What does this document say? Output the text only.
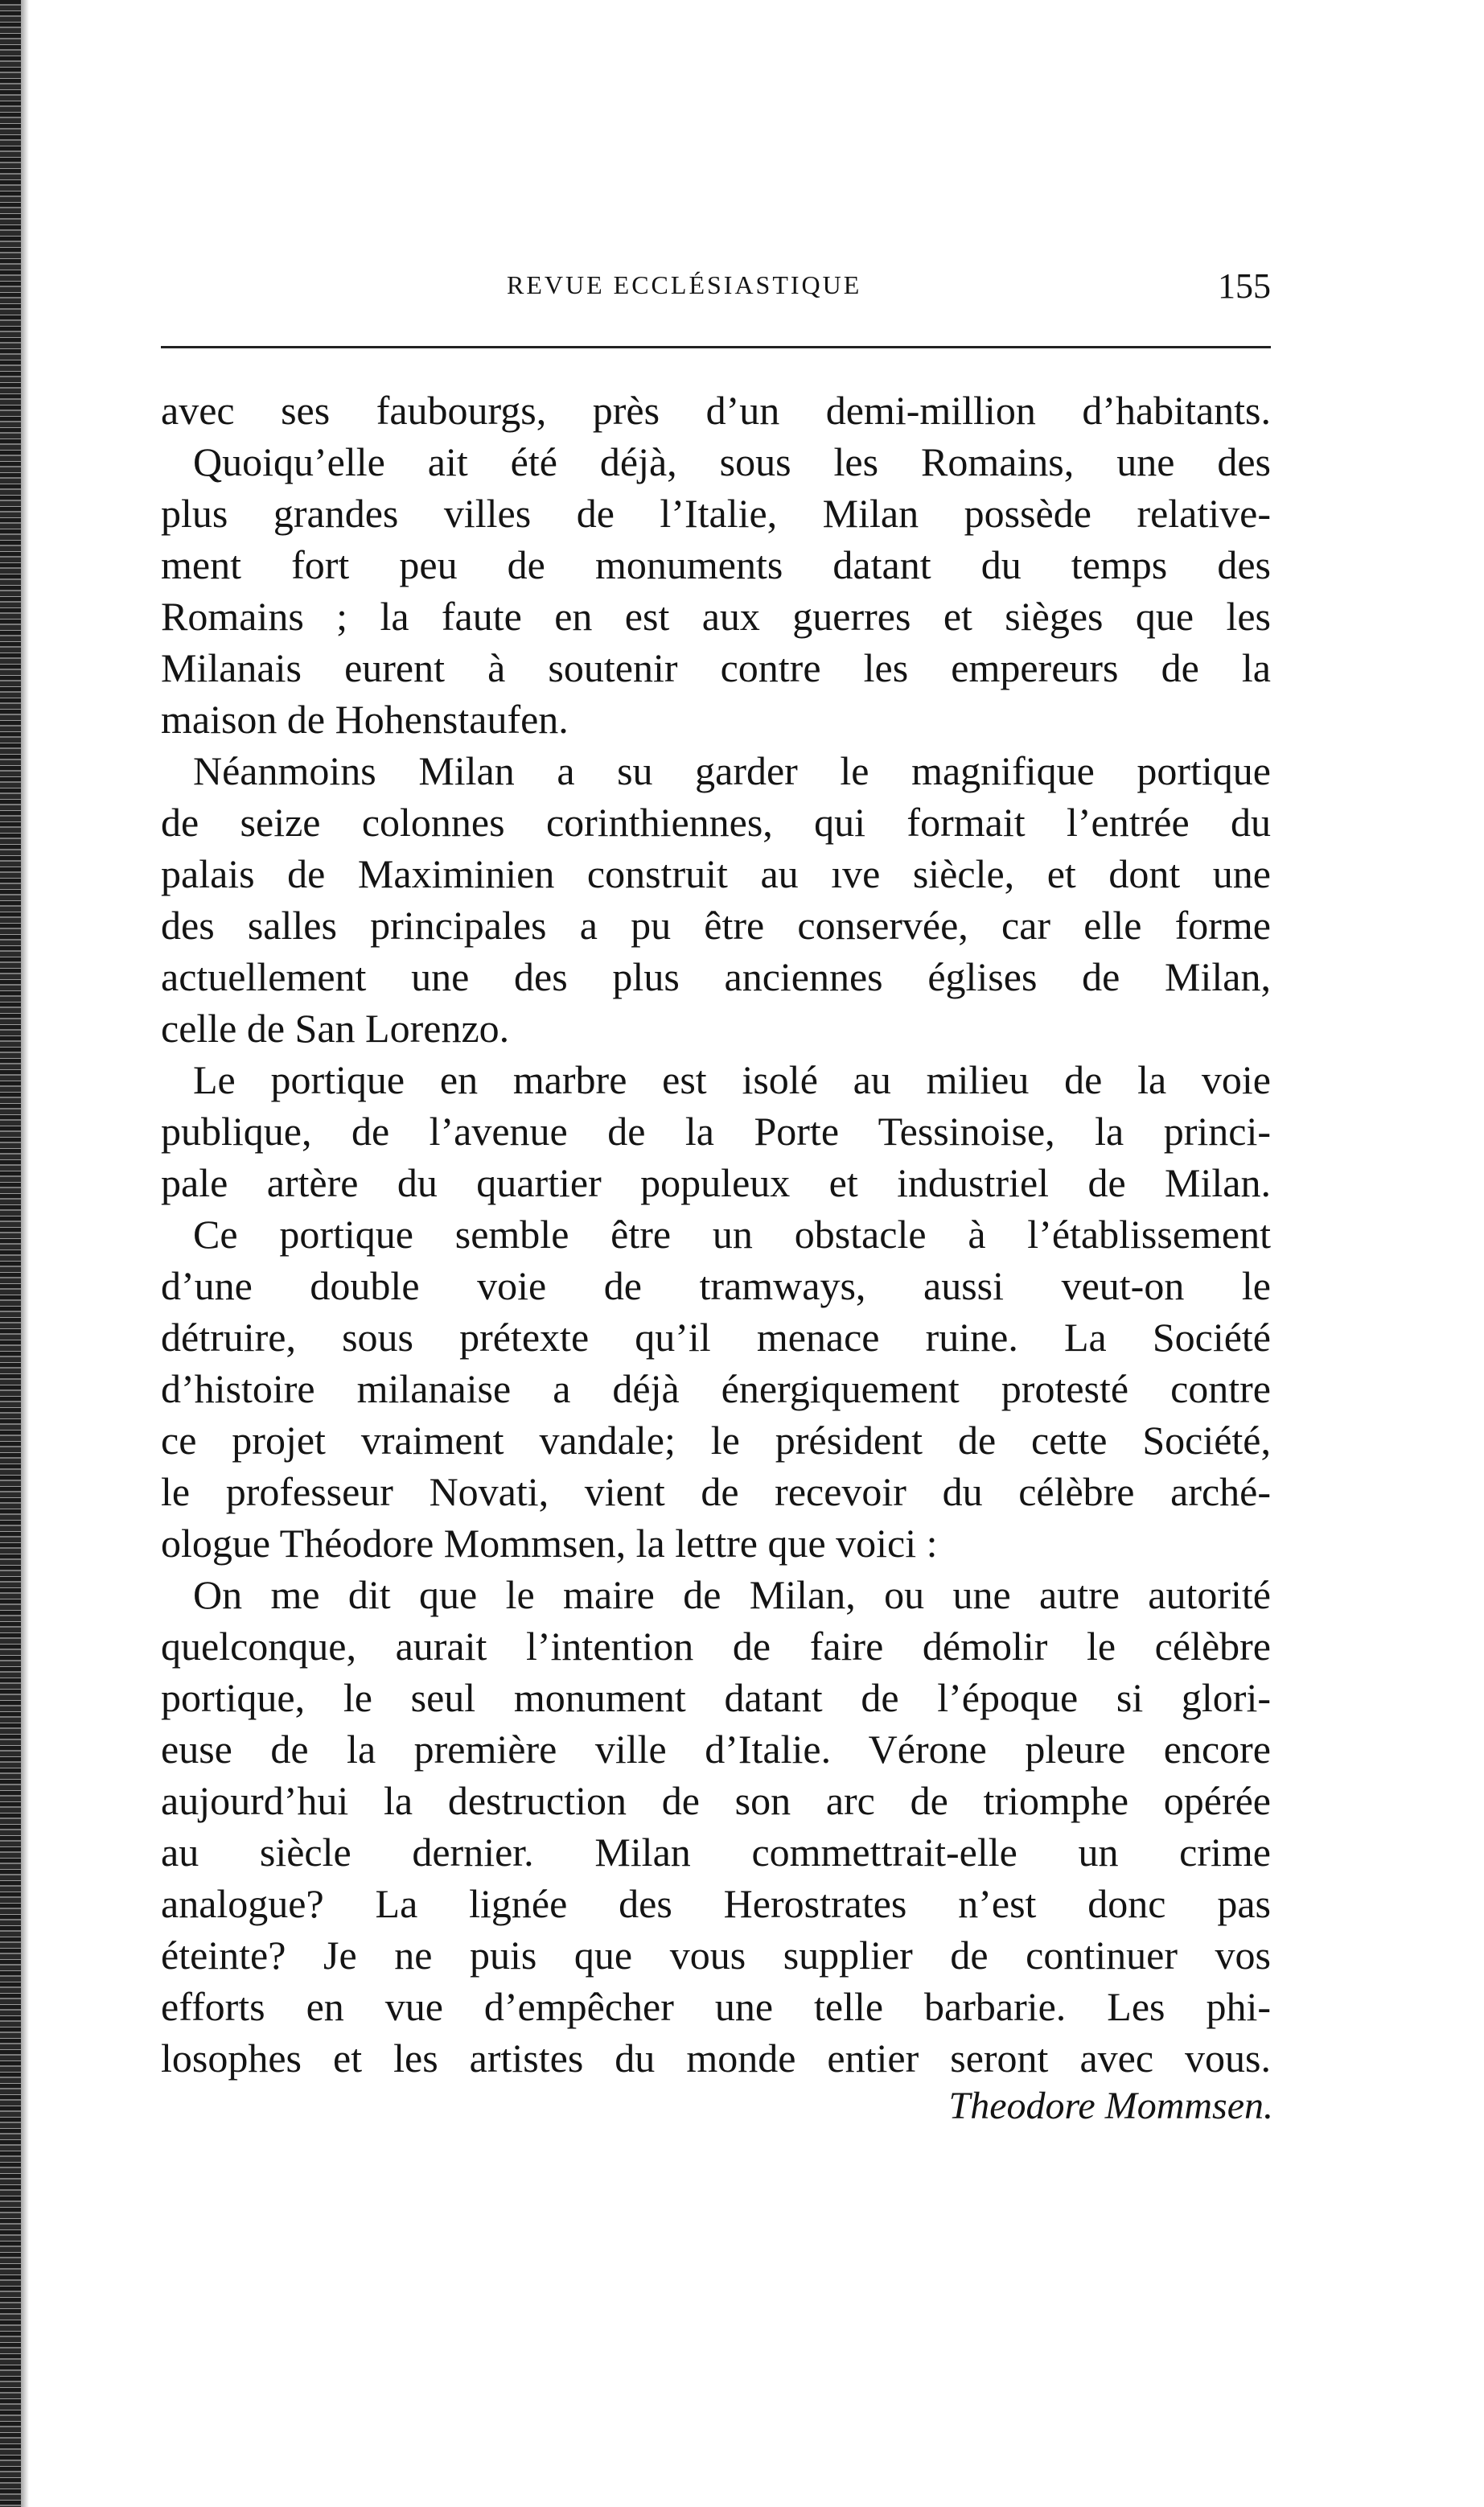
REVUE ECCLÉSIASTIQUE	155
avec ses faubourgs, près d’un demi-million d’habitants.
Quoiqu’elle ait été déjà, sous les Romains, une des
plus grandes villes de l’Italie, Milan possède relative-
ment fort peu de monuments datant du temps des
Romains ; la faute en est aux guerres et sièges que les
Milanais eurent à soutenir contre les empereurs de la
maison de Hohenstaufen.
Néanmoins Milan a su garder le magnifique portique
de seize colonnes corinthiennes, qui formait l’entrée du
palais de Maximinien construit au ıve siècle, et dont une
des salles principales a pu être conservée, car elle forme
actuellement une des plus anciennes églises de Milan,
celle de San Lorenzo.
Le portique en marbre est isolé au milieu de la voie
publique, de l’avenue de la Porte Tessinoise, la princi-
pale artère du quartier populeux et industriel de Milan.
Ce portique semble être un obstacle à l’établissement
d’une double voie de tramways, aussi veut-on le
détruire, sous prétexte qu’il menace ruine. La Société
d’histoire milanaise a déjà énergiquement protesté contre
ce projet vraiment vandale; le président de cette Société,
le professeur Novati, vient de recevoir du célèbre arché-
ologue Théodore Mommsen, la lettre que voici :
On me dit que le maire de Milan, ou une autre autorité
quelconque, aurait l’intention de faire démolir le célèbre
portique, le seul monument datant de l’époque si glori-
euse de la première ville d’Italie. Vérone pleure encore
aujourd’hui la destruction de son arc de triomphe opérée
au siècle dernier. Milan commettrait-elle un crime
analogue? La lignée des Herostrates n’est donc pas
éteinte? Je ne puis que vous supplier de continuer vos
efforts en vue d’empêcher une telle barbarie. Les phi-
losophes et les artistes du monde entier seront avec vous.
Theodore Mommsen.
